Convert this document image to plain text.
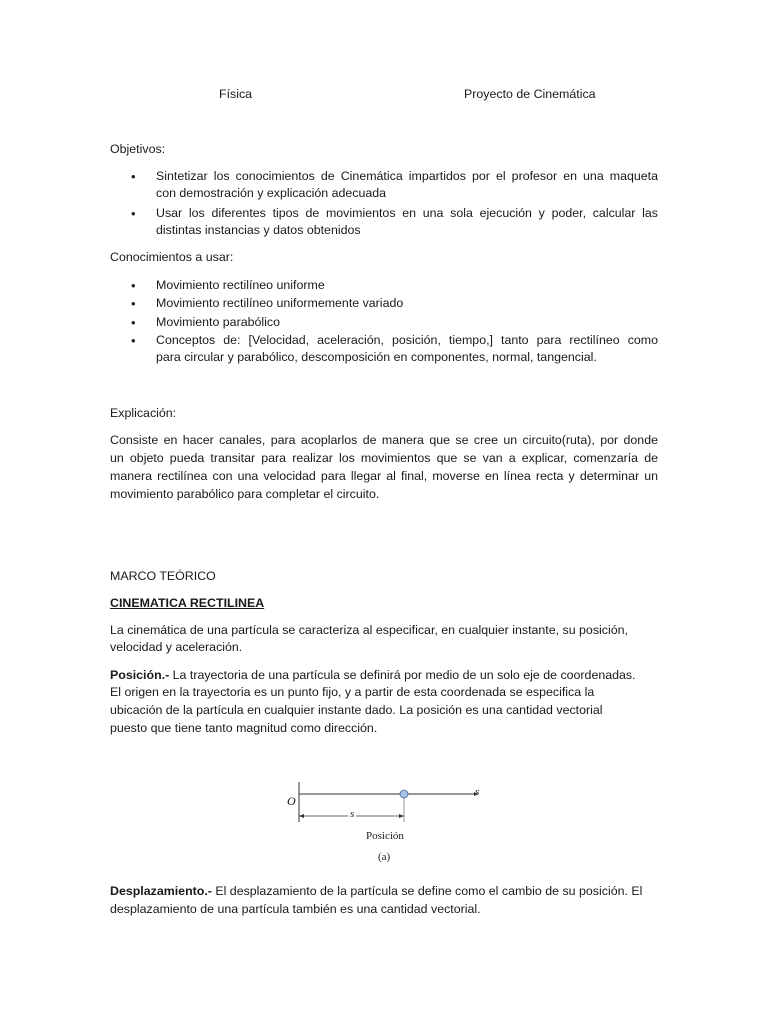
Física	Proyecto de Cinemática
Objetivos:
• Sintetizar los conocimientos de Cinemática impartidos por el profesor en una maqueta
con demostración y explicación adecuada
• Usar los diferentes tipos de movimientos en una sola ejecución y poder, calcular las
distintas instancias y datos obtenidos
Conocimientos a usar:
• Movimiento rectilíneo uniforme
• Movimiento rectilíneo uniformemente variado
• Movimiento parabólico
• Conceptos de: [Velocidad, aceleración, posición, tiempo,] tanto para rectilíneo como
para circular y parabólico, descomposición en componentes, normal, tangencial.
Explicación:
Consiste en hacer canales, para acoplarlos de manera que se cree un circuito(ruta), por donde
un objeto pueda transitar para realizar los movimientos que se van a explicar, comenzaría de
manera rectilínea con una velocidad para llegar al final, moverse en línea recta y determinar un
movimiento parabólico para completar el circuito.
MARCO TEÓRICO
CINEMATICA RECTILINEA
La cinemática de una partícula se caracteriza al especificar, en cualquier instante, su posición,
velocidad y aceleración.
Posición.- La trayectoria de una partícula se definirá por medio de un solo eje de coordenadas.
El origen en la trayectoria es un punto fijo, y a partir de esta coordenada se especifica la
ubicación de la partícula en cualquier instante dado. La posición es una cantidad vectorial
puesto que tiene tanto magnitud como dirección.
O
s
s
Posición
(a)
Desplazamiento.- El desplazamiento de la partícula se define como el cambio de su posición. El
desplazamiento de una partícula también es una cantidad vectorial.
